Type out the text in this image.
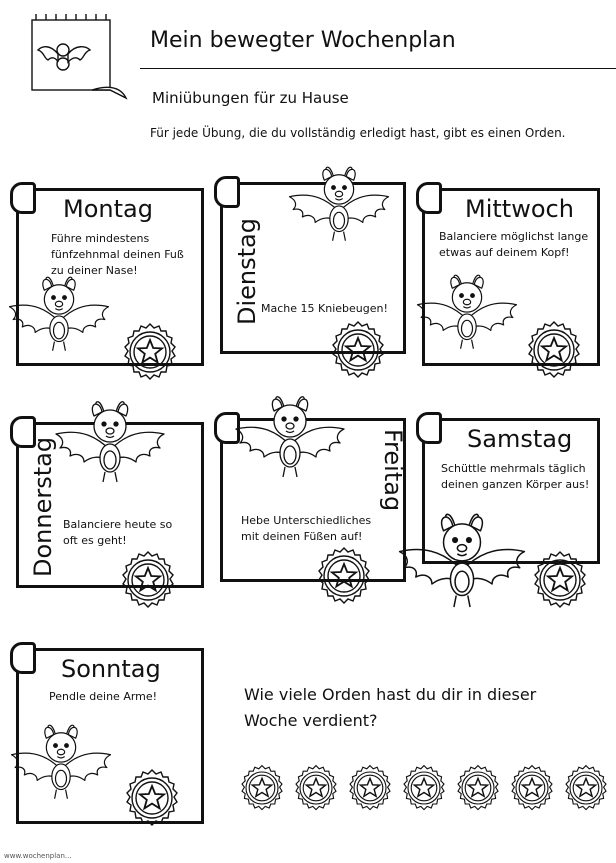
Mein bewegter Wochenplan
Miniübungen für zu Hause
Für jede Übung, die du vollständig erledigt hast, gibt es einen Orden.
Montag
Führe mindestens
fünfzehnmal deinen Fuß
zu deiner Nase!	Dienstag Mache 15 Kniebeugen!
Mittwoch
Balanciere möglichst lange
etwas auf deinem Kopf!
Donnerstag Balanciere heute so
oft es geht!
Freitag
Hebe Unterschiedliches
mit deinen Füßen auf!
Samstag
Schüttle mehrmals täglich
deinen ganzen Körper aus!
Sonntag
Pendle deine Arme!	Wie viele Orden hast du dir in dieser
Woche verdient?
www.wochenplan...
